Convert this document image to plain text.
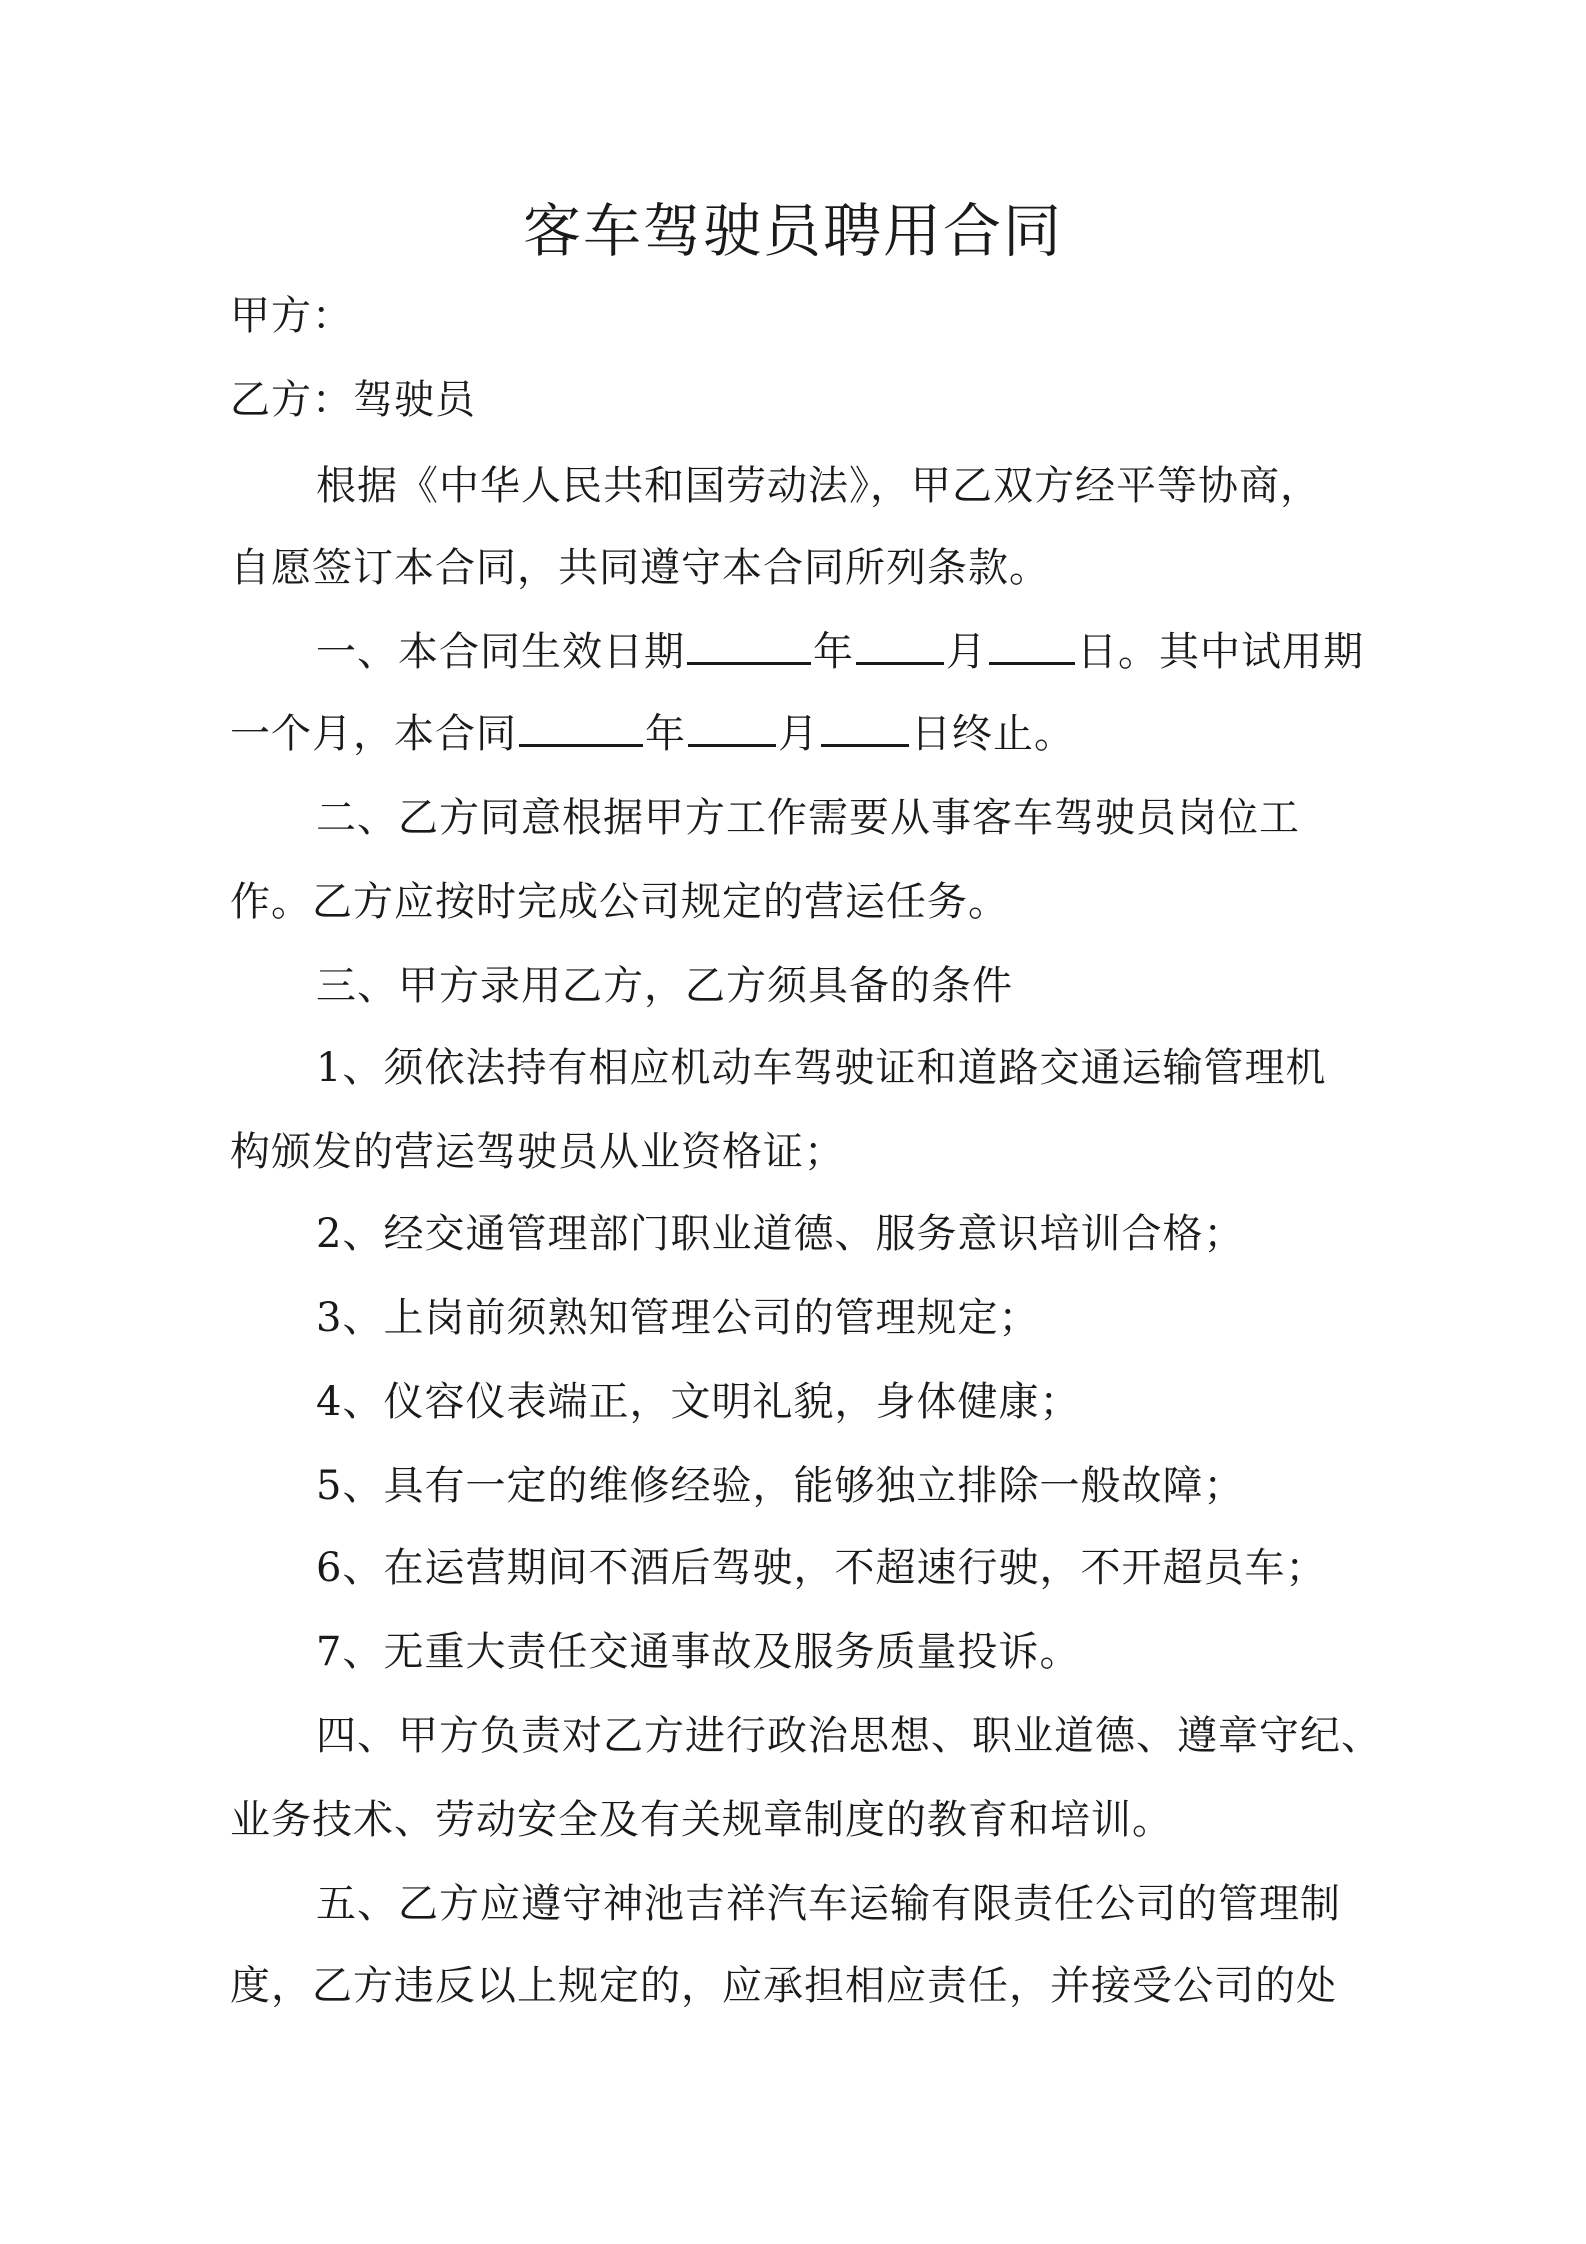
客车驾驶员聘用合同
甲方：
乙方：驾驶员
根据《中华人民共和国劳动法》，甲乙双方经平等协商，
自愿签订本合同，共同遵守本合同所列条款。
一、本合同生效日期	年 月 日。其中试用期
一个月，本合同	年 月 日终止。
二、乙方同意根据甲方工作需要从事客车驾驶员岗位工
作。乙方应按时完成公司规定的营运任务。
三、甲方录用乙方，乙方须具备的条件
1、须依法持有相应机动车驾驶证和道路交通运输管理机
构颁发的营运驾驶员从业资格证；
2、经交通管理部门职业道德、服务意识培训合格；
3、上岗前须熟知管理公司的管理规定；
4、仪容仪表端正，文明礼貌，身体健康；
5、具有一定的维修经验，能够独立排除一般故障；
6、在运营期间不酒后驾驶，不超速行驶，不开超员车；
7、无重大责任交通事故及服务质量投诉。
四、甲方负责对乙方进行政治思想、职业道德、遵章守纪、
业务技术、劳动安全及有关规章制度的教育和培训。
五、乙方应遵守神池吉祥汽车运输有限责任公司的管理制
度，乙方违反以上规定的，应承担相应责任，并接受公司的处
